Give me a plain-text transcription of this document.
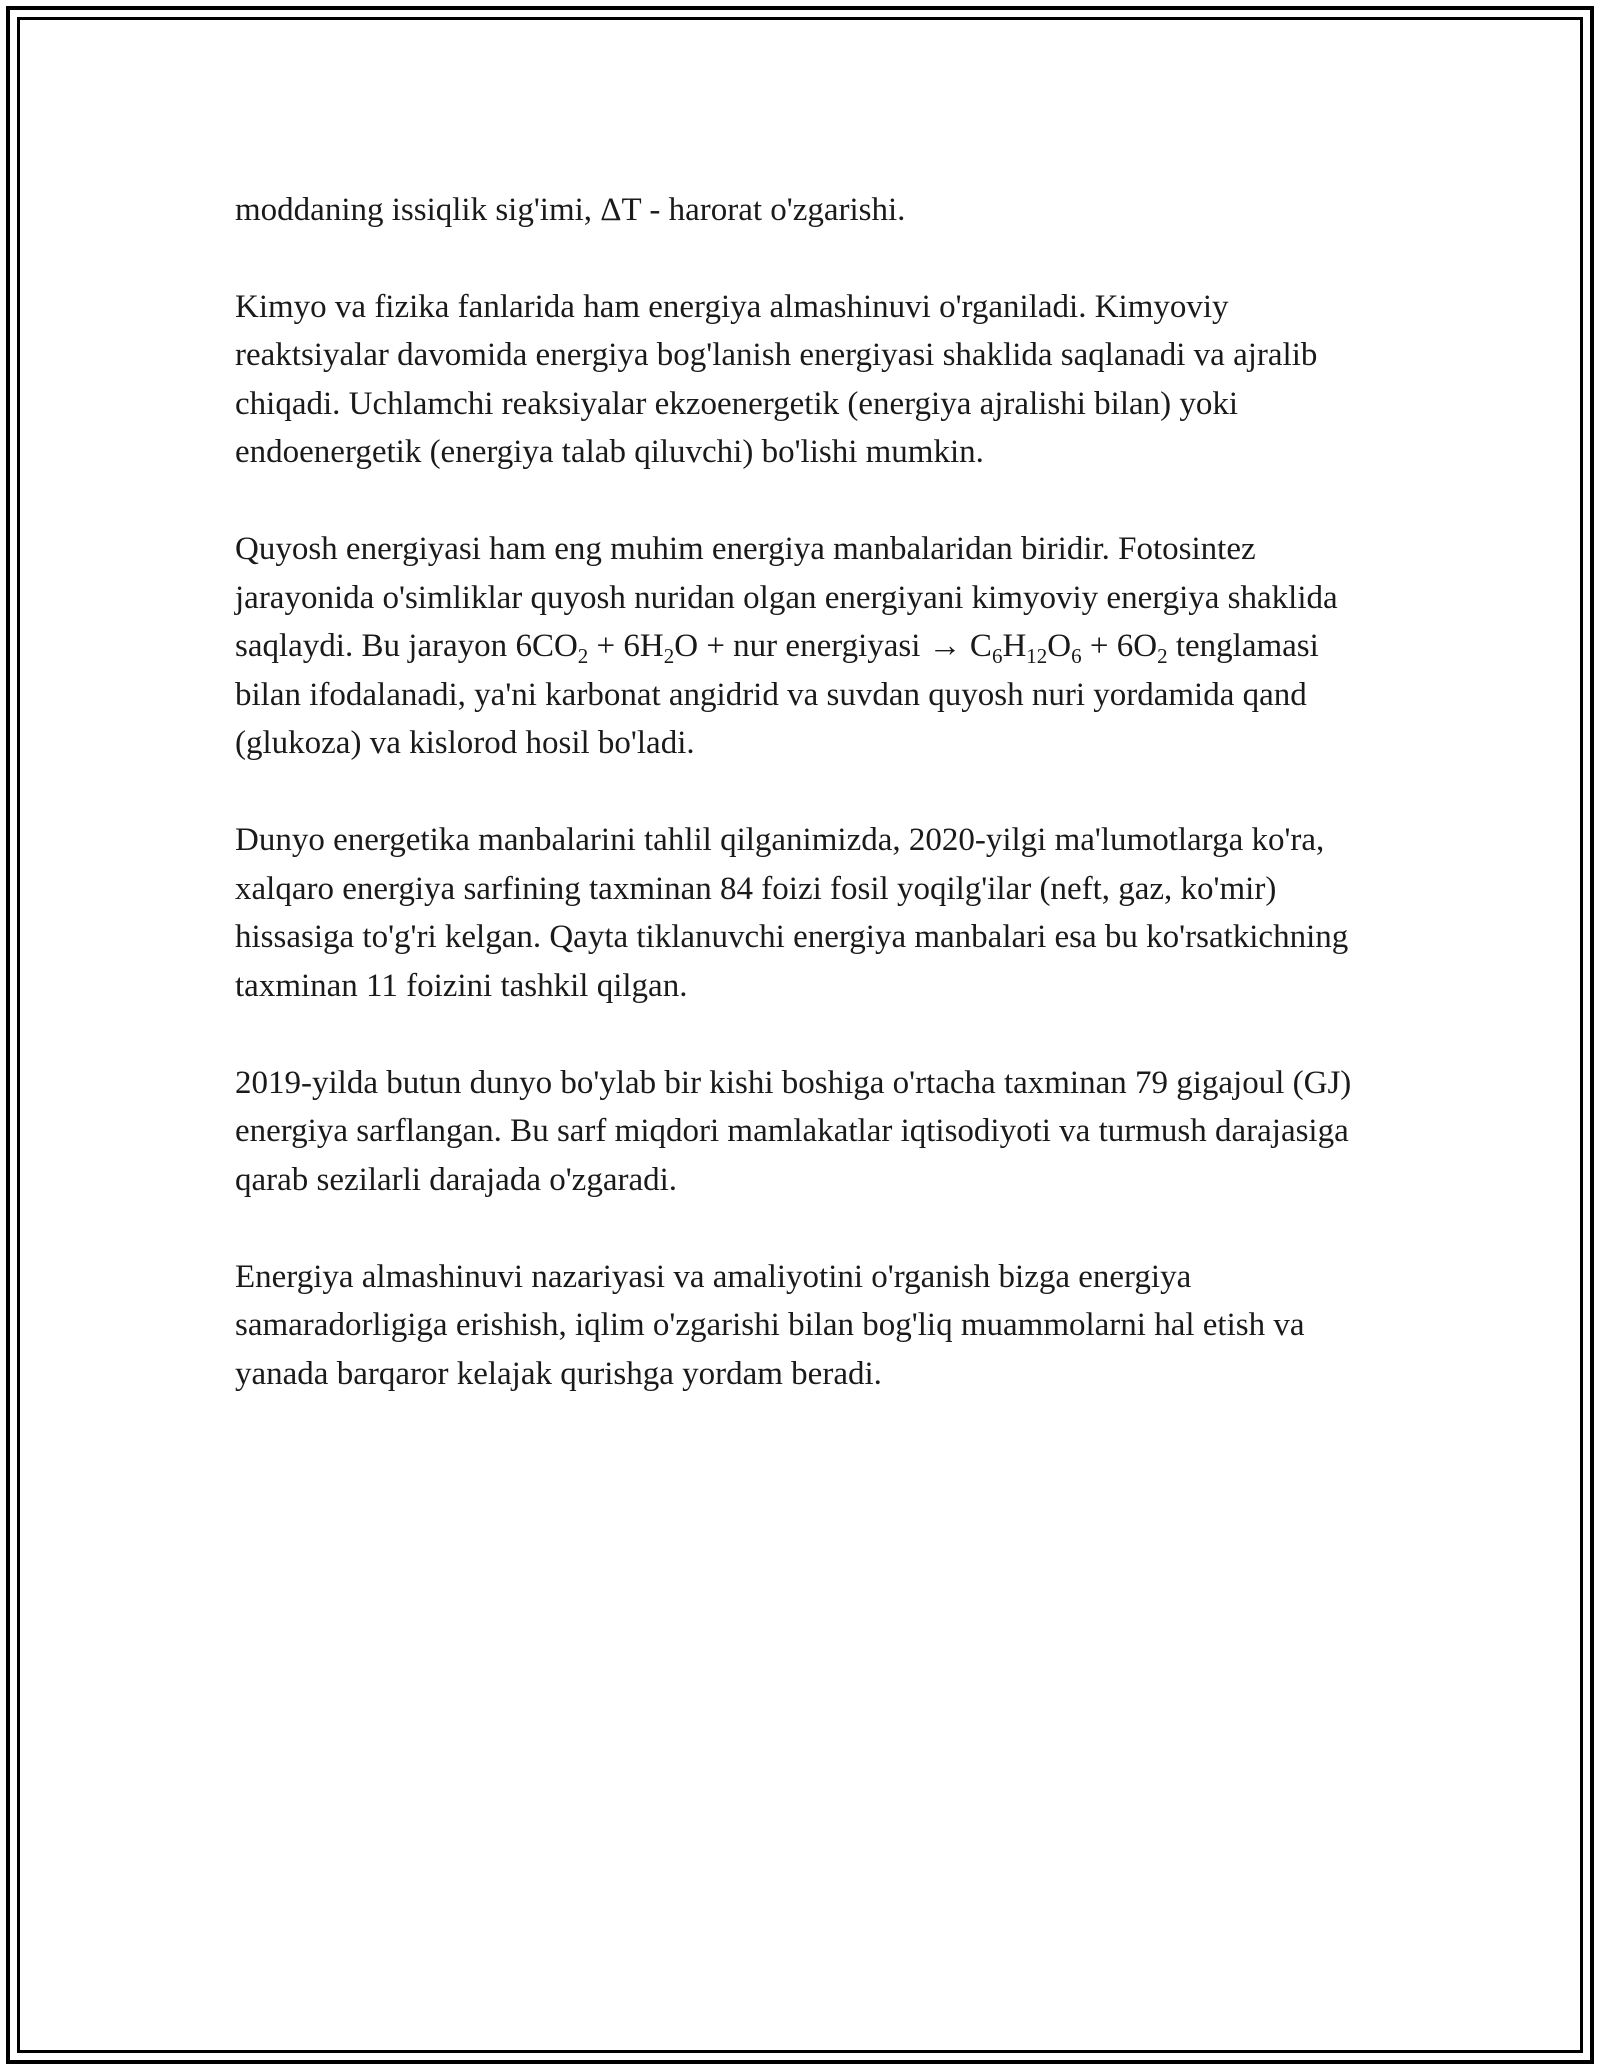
moddaning issiqlik sig'imi, ΔT - harorat o'zgarishi.

Kimyo va fizika fanlarida ham energiya almashinuvi o'rganiladi. Kimyoviy reaktsiyalar davomida energiya bog'lanish energiyasi shaklida saqlanadi va ajralib chiqadi. Uchlamchi reaksiyalar ekzoenergetik (energiya ajralishi bilan) yoki endoenergetik (energiya talab qiluvchi) bo'lishi mumkin.

Quyosh energiyasi ham eng muhim energiya manbalaridan biridir. Fotosintez jarayonida o'simliklar quyosh nuridan olgan energiyani kimyoviy energiya shaklida saqlaydi. Bu jarayon $6CO_2 + 6H_2O$ + nur energiyasi → $C_6H_{12}O_6 + 6O_2$ tenglamasi bilan ifodalanadi, ya'ni karbonat angidrid va suvdan quyosh nuri yordamida qand (glukoza) va kislorod hosil bo'ladi.

Dunyo energetika manbalarini tahlil qilganimizda, 2020-yilgi ma'lumotlarga ko'ra, xalqaro energiya sarfining taxminan 84 foizi fosil yoqilg'ilar (neft, gaz, ko'mir) hissasiga to'g'ri kelgan. Qayta tiklanuvchi energiya manbalari esa bu ko'rsatkichning taxminan 11 foizini tashkil qilgan.

2019-yilda butun dunyo bo'ylab bir kishi boshiga o'rtacha taxminan 79 gigajoul (GJ) energiya sarflangan. Bu sarf miqdori mamlakatlar iqtisodiyoti va turmush darajasiga qarab sezilarli darajada o'zgaradi.

Energiya almashinuvi nazariyasi va amaliyotini o'rganish bizga energiya samaradorligiga erishish, iqlim o'zgarishi bilan bog'liq muammolarni hal etish va yanada barqaror kelajak qurishga yordam beradi.
